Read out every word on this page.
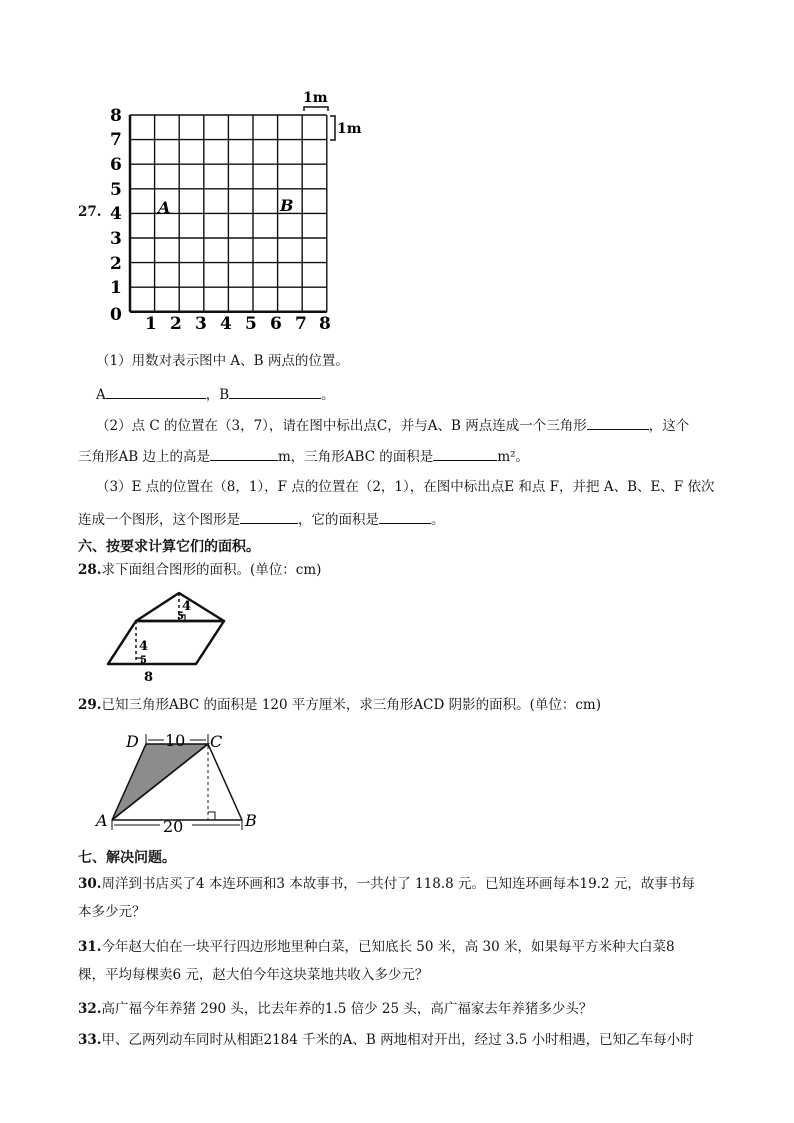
27.
8
7
6
5
4
3
2
1
0 1 2 3 4 5 6 7 8
A	B
1m
1m
（1）用数对表示图中 A、B 两点的位置。
A	，B	。
（2）点 C 的位置在（3，7），请在图中标出点C，并与A、B 两点连成一个三角形	，这个
三角形AB 边上的高是	m，三角形ABC 的面积是	m²。
（3）E 点的位置在（8，1），F 点的位置在（2，1），在图中标出点E 和点 F，并把 A、B、E、F 依次
连成一个图形，这个图形是	，它的面积是	。
六、按要求计算它们的面积。
28.求下面组合图形的面积。(单位：cm)
4
4
8
5
5
29.已知三角形ABC 的面积是 120 平方厘米，求三角形ACD 阴影的面积。(单位：cm)
D	C
A	B
10
20
七、解决问题。
30.周洋到书店买了4 本连环画和3 本故事书，一共付了 118.8 元。已知连环画每本19.2 元，故事书每
本多少元？
31.今年赵大伯在一块平行四边形地里种白菜，已知底长 50 米，高 30 米，如果每平方米种大白菜8
棵，平均每棵卖6 元，赵大伯今年这块菜地共收入多少元？
32.高广福今年养猪 290 头，比去年养的1.5 倍少 25 头，高广福家去年养猪多少头？
33.甲、乙两列动车同时从相距2184 千米的A、B 两地相对开出，经过 3.5 小时相遇，已知乙车每小时
